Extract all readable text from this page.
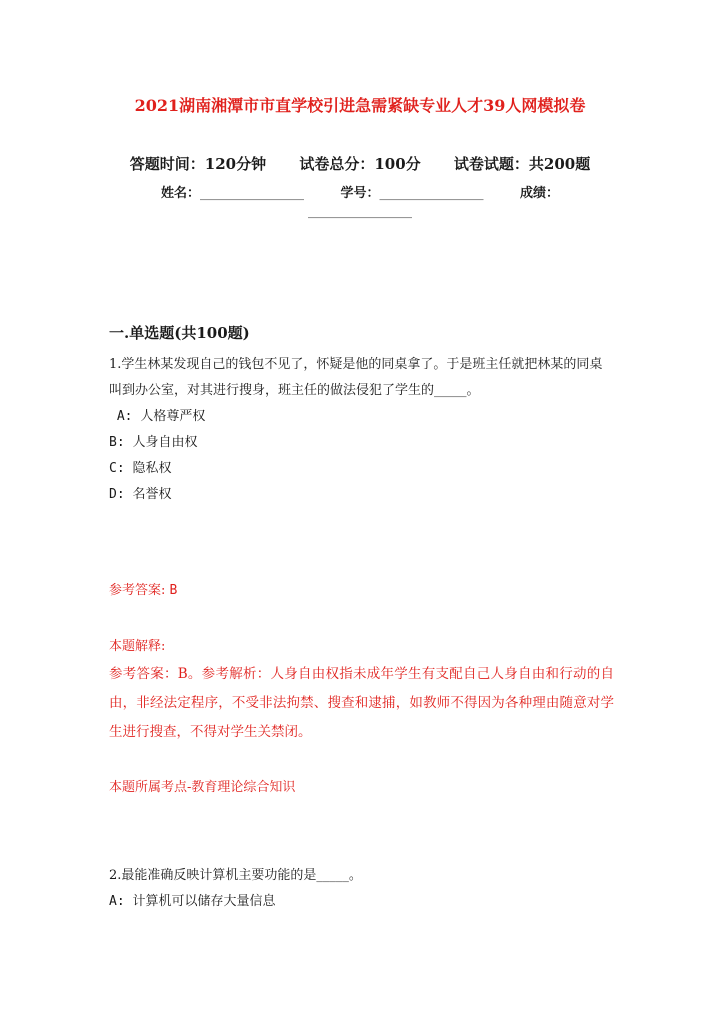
2021湖南湘潭市市直学校引进急需紧缺专业人才39人网模拟卷
答题时间：120分钟 试卷总分：100分 试卷试题：共200题
姓名：________________	学号：________________	成绩：
________________
一.单选题(共100题)
1.学生林某发现自己的钱包不见了，怀疑是他的同桌拿了。于是班主任就把林某的同桌叫到办公室，对其进行搜身，班主任的做法侵犯了学生的_____。
A: 人格尊严权
B: 人身自由权
C: 隐私权
D: 名誉权
参考答案: B
本题解释:
参考答案：B。参考解析：人身自由权指未成年学生有支配自己人身自由和行动的自由，非经法定程序，不受非法拘禁、搜查和逮捕，如教师不得因为各种理由随意对学生进行搜查，不得对学生关禁闭。
本题所属考点-教育理论综合知识
2.最能准确反映计算机主要功能的是_____。
A: 计算机可以储存大量信息
